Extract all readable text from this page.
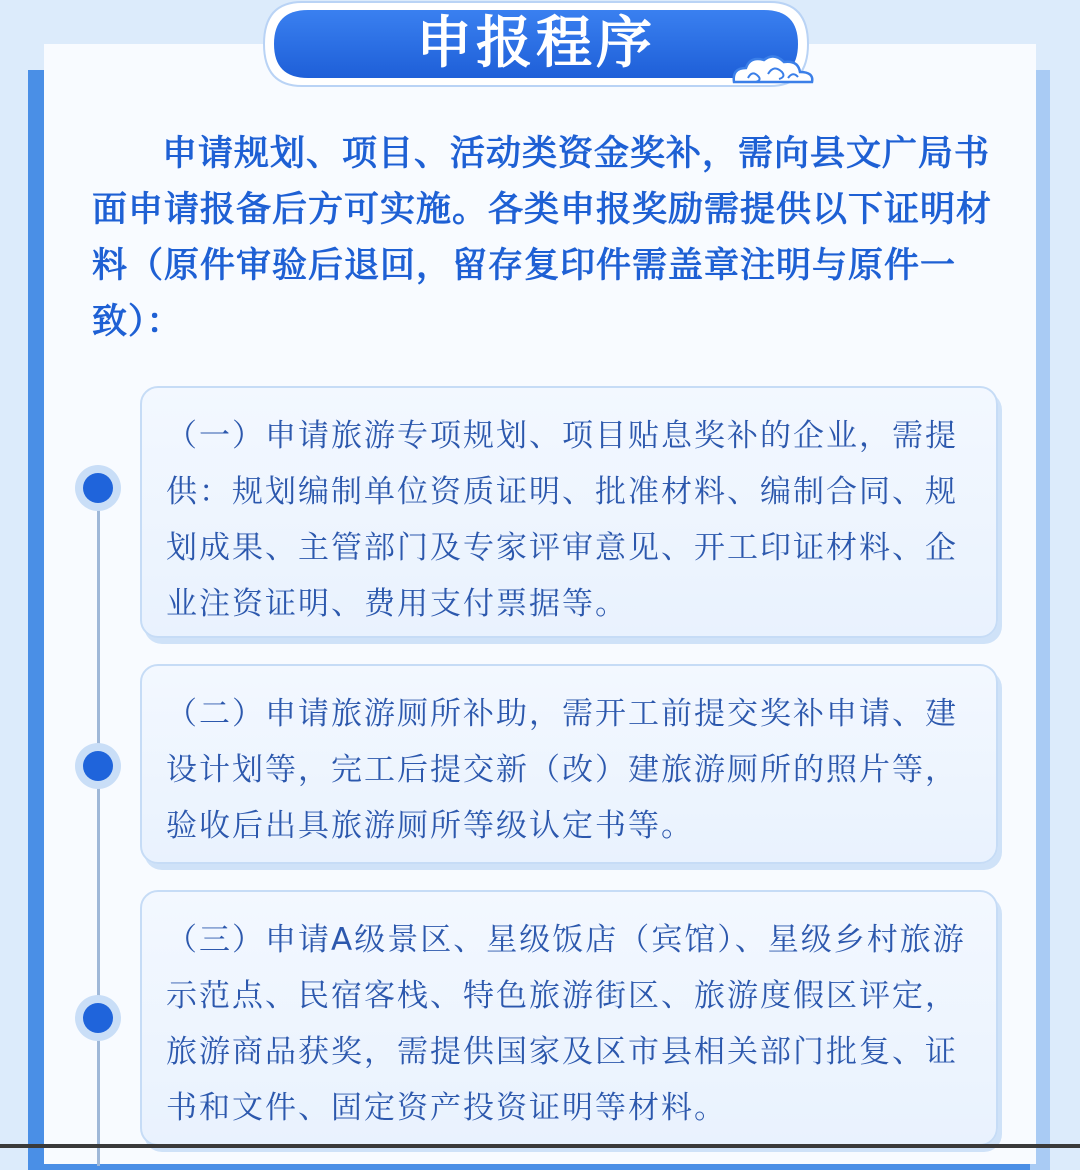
申报程序

申请规划、项目、活动类资金奖补，需向县文广局书面申请报备后方可实施。各类申报奖励需提供以下证明材料（原件审验后退回，留存复印件需盖章注明与原件一致）：

（一）申请旅游专项规划、项目贴息奖补的企业，需提供：规划编制单位资质证明、批准材料、编制合同、规划成果、主管部门及专家评审意见、开工印证材料、企业注资证明、费用支付票据等。

（二）申请旅游厕所补助，需开工前提交奖补申请、建设计划等，完工后提交新（改）建旅游厕所的照片等，验收后出具旅游厕所等级认定书等。

（三）申请A级景区、星级饭店（宾馆）、星级乡村旅游示范点、民宿客栈、特色旅游街区、旅游度假区评定，旅游商品获奖，需提供国家及区市县相关部门批复、证书和文件、固定资产投资证明等材料。
